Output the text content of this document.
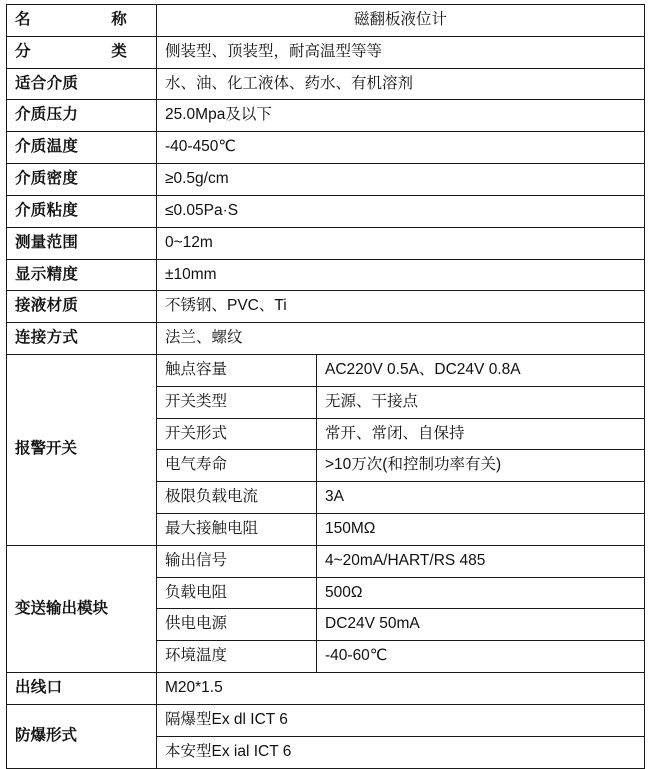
名　　称	磁翻板液位计	
分　　类	侧装型、顶装型，耐高温型等等	
适合介质	水、油、化工液体、药水、有机溶剂	
介质压力	25.0Mpa及以下	
介质温度	-40-450℃	
介质密度	≥0.5g/cm	
介质粘度	≤0.05Pa·S	
测量范围	0~12m	
显示精度	±10mm	
接液材质	不锈钢、PVC、Ti	
连接方式	法兰、螺纹	
报警开关	触点容量	AC220V 0.5A、DC24V 0.8A
	开关类型	无源、干接点
	开关形式	常开、常闭、自保持
	电气寿命	>10万次(和控制功率有关)
	极限负载电流	3A
	最大接触电阻	150MΩ
变送输出模块	输出信号	4~20mA/HART/RS 485
	负载电阻	500Ω
	供电电源	DC24V 50mA
	环境温度	-40-60℃
出线口	M20*1.5	
防爆形式	隔爆型Ex dl ICT 6	
	本安型Ex ial ICT 6	
